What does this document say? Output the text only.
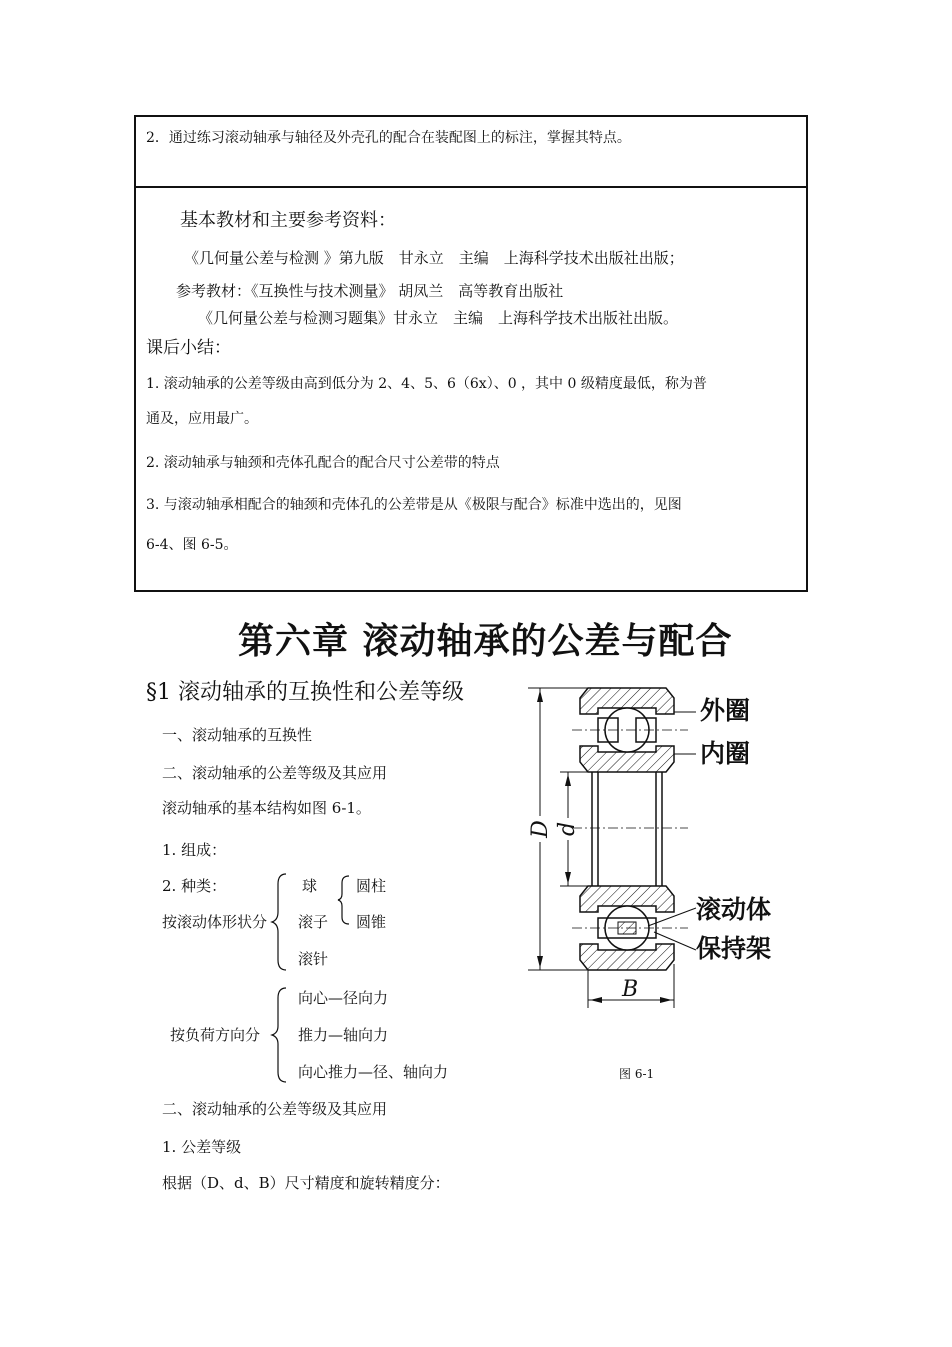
2．通过练习滚动轴承与轴径及外壳孔的配合在装配图上的标注，掌握其特点。
基本教材和主要参考资料：
《几何量公差与检测 》第九版　甘永立　主编　上海科学技术出版社出版；
参考教材：《互换性与技术测量》 胡凤兰　高等教育出版社
《几何量公差与检测习题集》甘永立　主编　上海科学技术出版社出版。
课后小结：
1. 滚动轴承的公差等级由高到低分为 2、4、5、6（6x）、0 ，其中 0 级精度最低，称为普
通及，应用最广。
2. 滚动轴承与轴颈和壳体孔配合的配合尺寸公差带的特点
3. 与滚动轴承相配合的轴颈和壳体孔的公差带是从《极限与配合》标准中选出的，见图
6-4、图 6-5。
第六章 滚动轴承的公差与配合
§1 滚动轴承的互换性和公差等级
一、滚动轴承的互换性
二、滚动轴承的公差等级及其应用
滚动轴承的基本结构如图 6-1。
1. 组成：
2. 种类：
按滚动体形状分
球
滚子
滚针
圆柱
圆锥
按负荷方向分
向心—径向力
推力—轴向力
向心推力—径、轴向力
二、滚动轴承的公差等级及其应用
1. 公差等级
根据（D、d、B）尺寸精度和旋转精度分：
D d
B
外圈
内圈
滚动体
保持架
图 6-1
